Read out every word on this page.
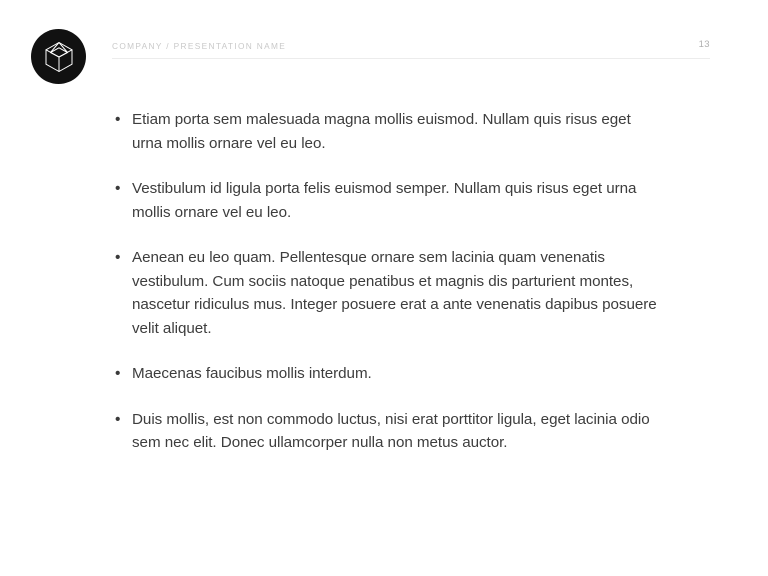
COMPANY / PRESENTATION NAME	13
• Etiam porta sem malesuada magna mollis euismod. Nullam quis risus eget urna mollis ornare vel eu leo.
• Vestibulum id ligula porta felis euismod semper. Nullam quis risus eget urna mollis ornare vel eu leo.
• Aenean eu leo quam. Pellentesque ornare sem lacinia quam venenatis vestibulum. Cum sociis natoque penatibus et magnis dis parturient montes, nascetur ridiculus mus. Integer posuere erat a ante venenatis dapibus posuere velit aliquet.
• Maecenas faucibus mollis interdum.
• Duis mollis, est non commodo luctus, nisi erat porttitor ligula, eget lacinia odio sem nec elit. Donec ullamcorper nulla non metus auctor.
